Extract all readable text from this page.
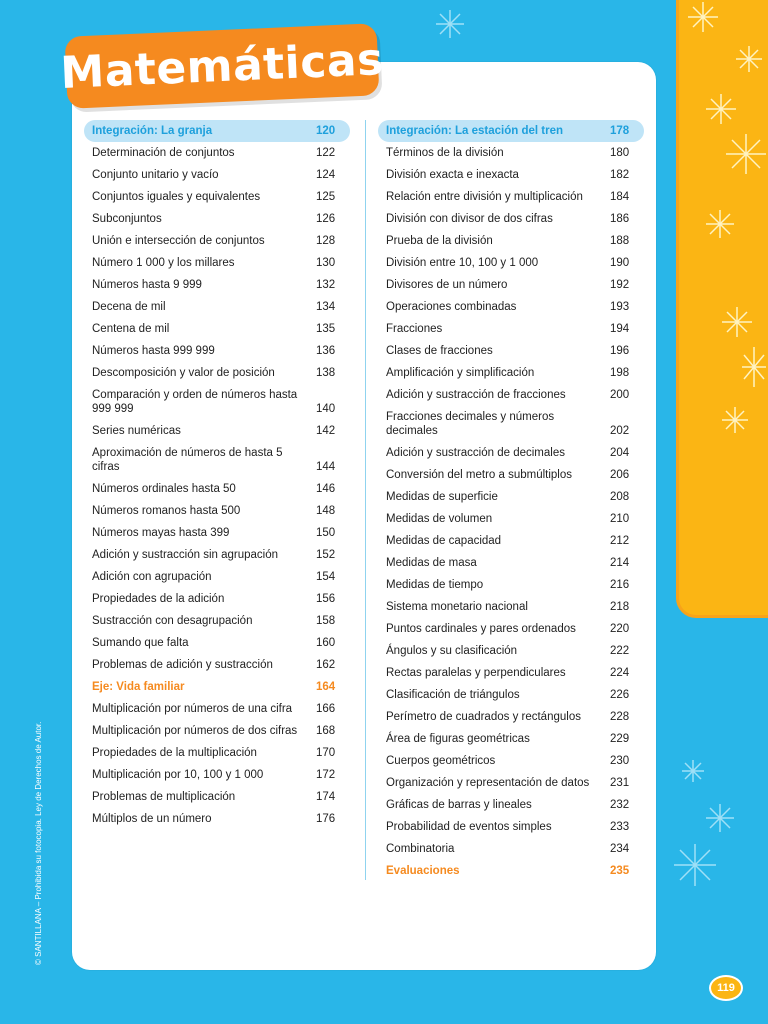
Matemáticas
Integración: La granja	120
Determinación de conjuntos	122
Conjunto unitario y vacío	124
Conjuntos iguales y equivalentes	125
Subconjuntos	126
Unión e intersección de conjuntos	128
Número 1 000 y los millares	130
Números hasta 9 999	132
Decena de mil	134
Centena de mil	135
Números hasta 999 999	136
Descomposición y valor de posición	138
Comparación y orden de números hasta 999 999	140
Series numéricas	142
Aproximación de números de hasta 5 cifras	144
Números ordinales hasta 50	146
Números romanos hasta 500	148
Números mayas hasta 399	150
Adición y sustracción sin agrupación	152
Adición con agrupación	154
Propiedades de la adición	156
Sustracción con desagrupación	158
Sumando que falta	160
Problemas de adición y sustracción	162
Eje: Vida familiar	164
Multiplicación por números de una cifra	166
Multiplicación por números de dos cifras	168
Propiedades de la multiplicación	170
Multiplicación por 10, 100 y 1 000	172
Problemas de multiplicación	174
Múltiplos de un número	176
Integración: La estación del tren	178
Términos de la división	180
División exacta e inexacta	182
Relación entre división y multiplicación	184
División con divisor de dos cifras	186
Prueba de la división	188
División entre 10, 100 y 1 000	190
Divisores de un número	192
Operaciones combinadas	193
Fracciones	194
Clases de fracciones	196
Amplificación y simplificación	198
Adición y sustracción de fracciones	200
Fracciones decimales y números decimales	202
Adición y sustracción de decimales	204
Conversión del metro a submúltiplos	206
Medidas de superficie	208
Medidas de volumen	210
Medidas de capacidad	212
Medidas de masa	214
Medidas de tiempo	216
Sistema monetario nacional	218
Puntos cardinales y pares ordenados	220
Ángulos y su clasificación	222
Rectas paralelas y perpendiculares	224
Clasificación de triángulos	226
Perímetro de cuadrados y rectángulos	228
Área de figuras geométricas	229
Cuerpos geométricos	230
Organización y representación de datos	231
Gráficas de barras y lineales	232
Probabilidad de eventos simples	233
Combinatoria	234
Evaluaciones	235
© SANTILLANA – Prohibida su fotocopia. Ley de Derechos de Autor.
119
